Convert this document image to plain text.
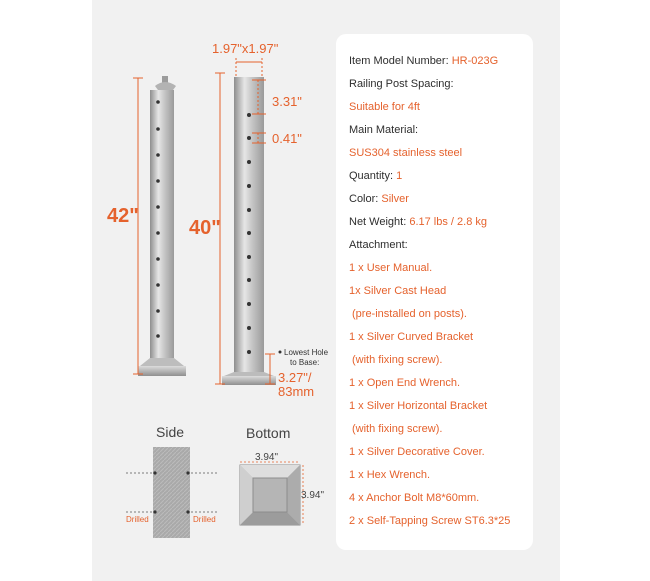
1.97"x1.97"
42"
40"
3.31"
0.41"
Lowest Hole
to Base:
3.27"/
83mm
Side	Bottom
Drilled	Drilled
3.94"
3.94"
Item Model Number: HR-023G
Railing Post Spacing:
Suitable for 4ft
Main Material:
SUS304 stainless steel
Quantity: 1
Color: Silver
Net Weight: 6.17 lbs / 2.8 kg
Attachment:
1 x User Manual.
1x Silver Cast Head
(pre-installed on posts).
1 x Silver Curved Bracket
(with fixing screw).
1 x Open End Wrench.
1 x Silver Horizontal Bracket
(with fixing screw).
1 x Silver Decorative Cover.
1 x Hex Wrench.
4 x Anchor Bolt M8*60mm.
2 x Self-Tapping Screw ST6.3*25
